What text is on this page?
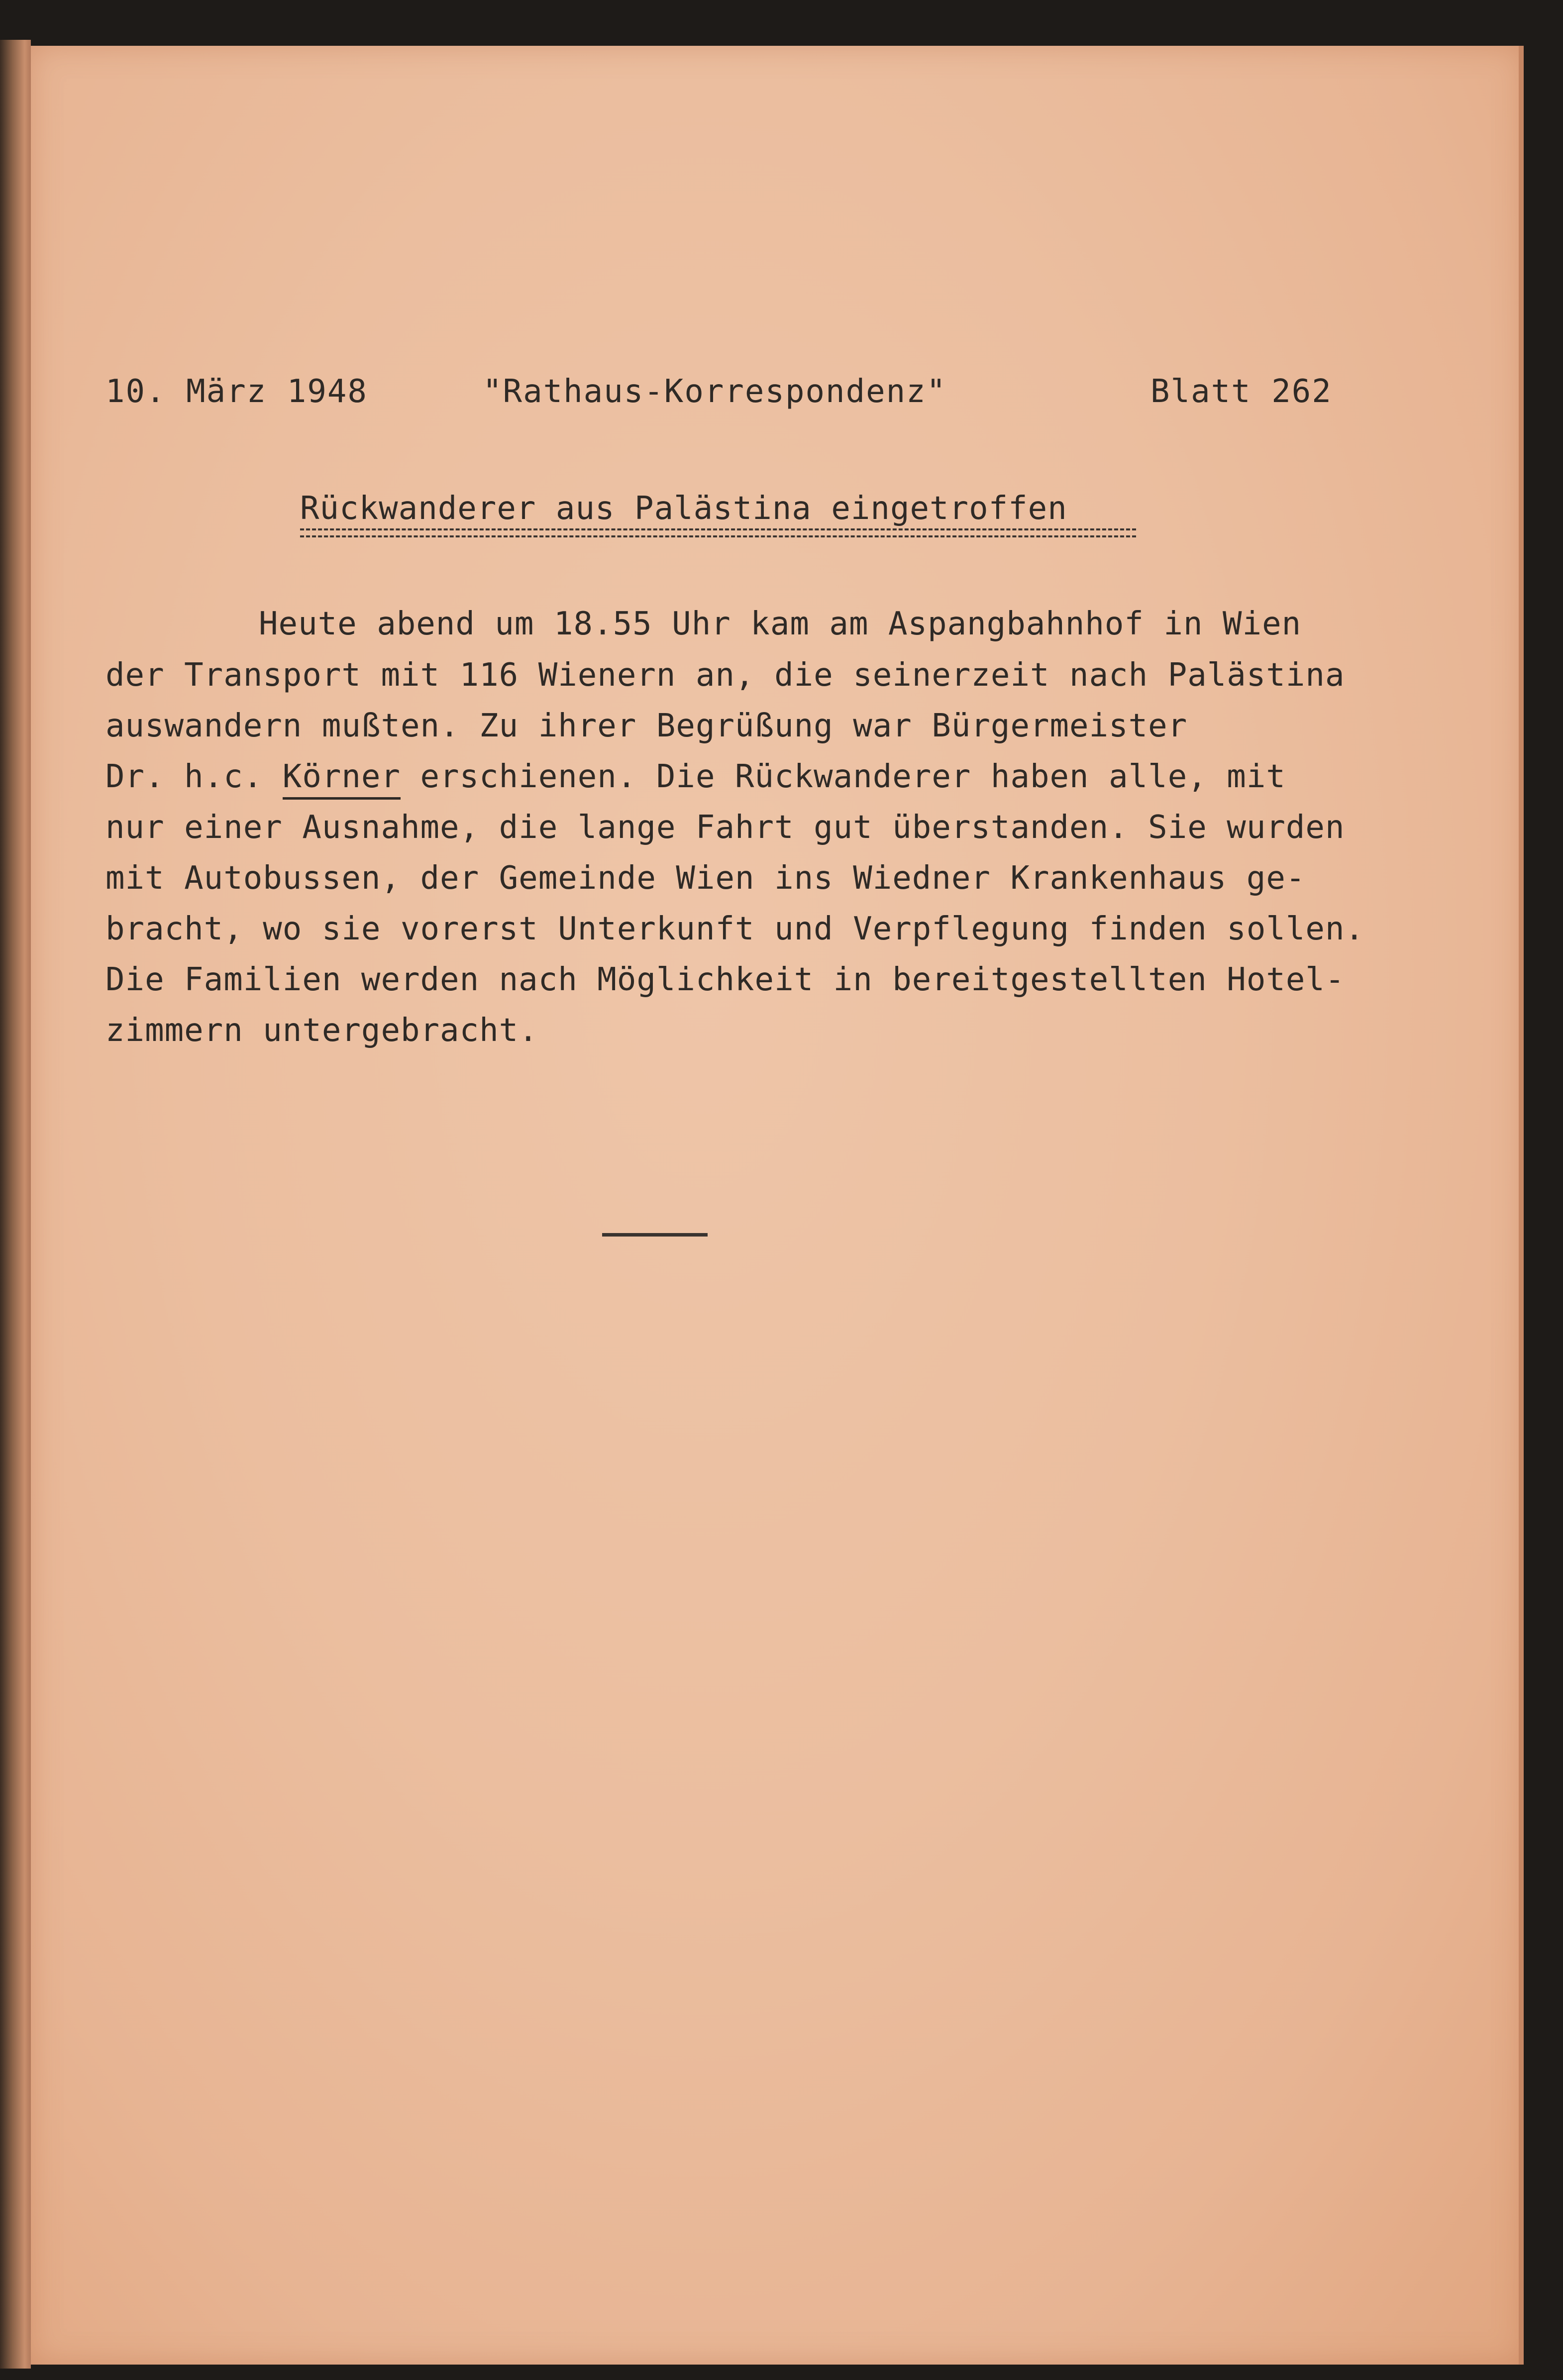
10. März 1948	"Rathaus-Korrespondenz"	Blatt 262
Rückwanderer aus Palästina eingetroffen
Heute abend um 18.55 Uhr kam am Aspangbahnhof in Wien
der Transport mit 116 Wienern an, die seinerzeit nach Palästina
auswandern mußten. Zu ihrer Begrüßung war Bürgermeister
Dr. h.c. Körner erschienen. Die Rückwanderer haben alle, mit
nur einer Ausnahme, die lange Fahrt gut überstanden. Sie wurden
mit Autobussen, der Gemeinde Wien ins Wiedner Krankenhaus ge-
bracht, wo sie vorerst Unterkunft und Verpflegung finden sollen.
Die Familien werden nach Möglichkeit in bereitgestellten Hotel-
zimmern untergebracht.
